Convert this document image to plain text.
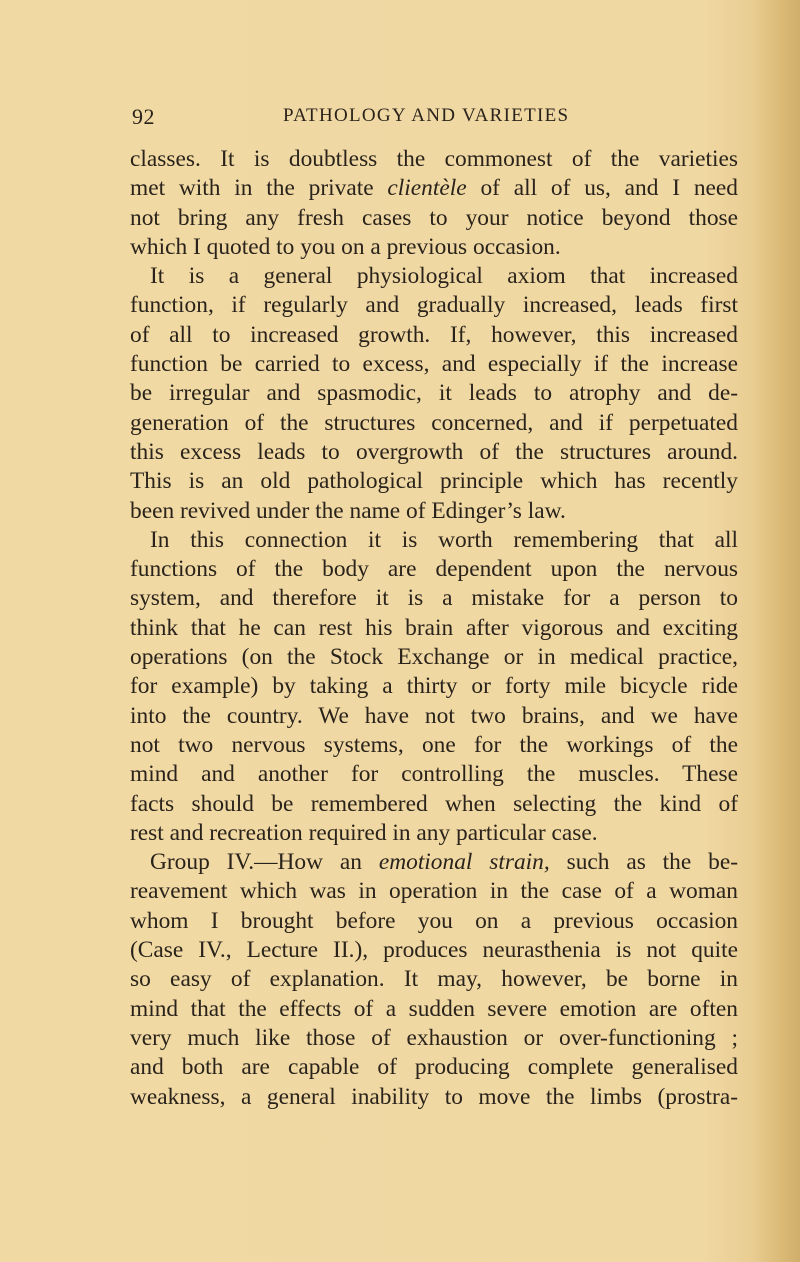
92	PATHOLOGY AND VARIETIES
classes. It is doubtless the commonest of the varieties
met with in the private clientèle of all of us, and I need
not bring any fresh cases to your notice beyond those
which I quoted to you on a previous occasion.
It is a general physiological axiom that increased
function, if regularly and gradually increased, leads first
of all to increased growth. If, however, this increased
function be carried to excess, and especially if the increase
be irregular and spasmodic, it leads to atrophy and de-
generation of the structures concerned, and if perpetuated
this excess leads to overgrowth of the structures around.
This is an old pathological principle which has recently
been revived under the name of Edinger’s law.
In this connection it is worth remembering that all
functions of the body are dependent upon the nervous
system, and therefore it is a mistake for a person to
think that he can rest his brain after vigorous and exciting
operations (on the Stock Exchange or in medical practice,
for example) by taking a thirty or forty mile bicycle ride
into the country. We have not two brains, and we have
not two nervous systems, one for the workings of the
mind and another for controlling the muscles. These
facts should be remembered when selecting the kind of
rest and recreation required in any particular case.
Group IV.—How an emotional strain, such as the be-
reavement which was in operation in the case of a woman
whom I brought before you on a previous occasion
(Case IV., Lecture II.), produces neurasthenia is not quite
so easy of explanation. It may, however, be borne in
mind that the effects of a sudden severe emotion are often
very much like those of exhaustion or over-functioning ;
and both are capable of producing complete generalised
weakness, a general inability to move the limbs (prostra-
